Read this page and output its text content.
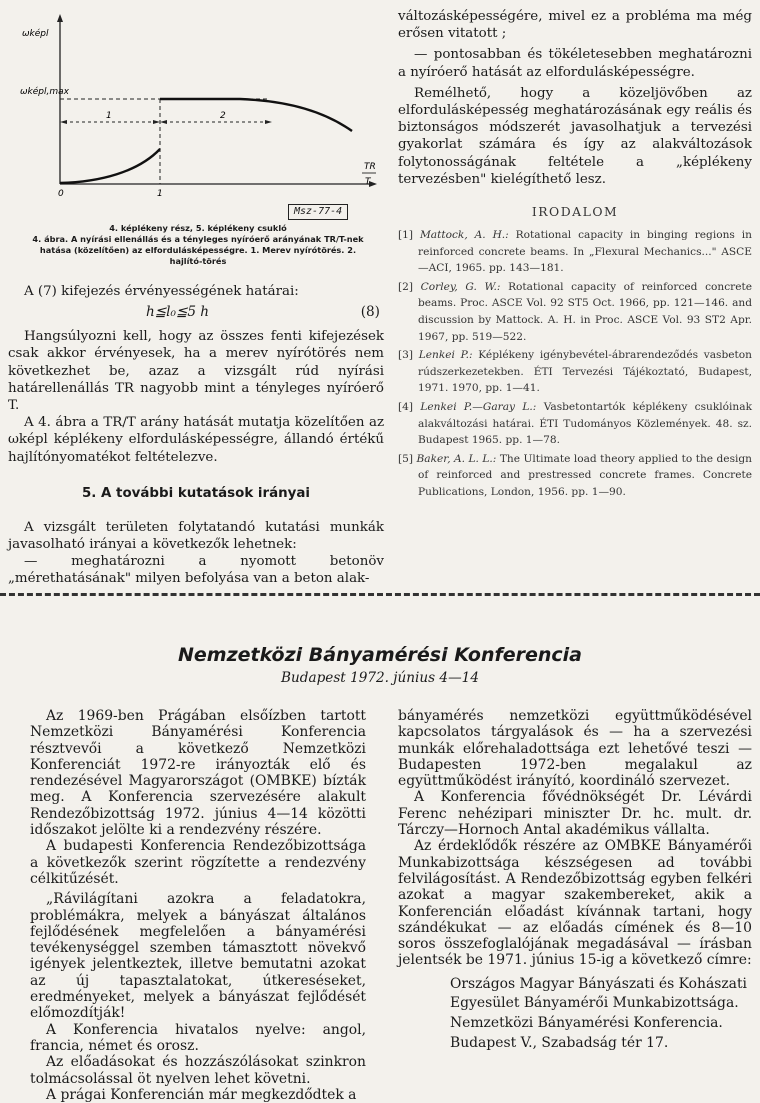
ωképl
ωképl,max
1	2
0	1
TR
T
Msz-77-4
4. képlékeny rész, 5. képlékeny csukló
4. ábra. A nyírási ellenállás és a tényleges nyíróerő arányának TR/T-nek
hatása (közelítően) az elfordulásképességre. 1. Merev nyírótörés. 2.
hajlító-törés

A (7) kifejezés érvényességének határai:

h≦l₀≦5 h	(8)

Hangsúlyozni kell, hogy az összes fenti kifejezések csak akkor érvényesek, ha a merev nyírótörés nem következhet be, azaz a vizsgált rúd nyírási határellenállás TR nagyobb mint a tényleges nyíróerő T.

A 4. ábra a TR/T arány hatását mutatja közelítően az ωképl képlékeny elfordulásképességre, állandó értékű hajlítónyomatékot feltételezve.

5. A további kutatások irányai

A vizsgált területen folytatandó kutatási munkák javasolható irányai a következők lehetnek:

— meghatározni a nyomott betonöv „mérethatásának" milyen befolyása van a beton alak-

változásképességére, mivel ez a probléma ma még erősen vitatott ;

— pontosabban és tökéletesebben meghatározni a nyíróerő hatását az elfordulásképességre.

Remélhető, hogy a közeljövőben az elfordulásképesség meghatározásának egy reális és biztonságos módszerét javasolhatjuk a tervezési gyakorlat számára és így az alakváltozások folytonosságának feltétele a „képlékeny tervezésben" kielégíthető lesz.

IRODALOM

[1] Mattock, A. H.: Rotational capacity in binging regions in reinforced concrete beams. In „Flexural Mechanics..." ASCE—ACI, 1965. pp. 143—181.

[2] Corley, G. W.: Rotational capacity of reinforced concrete beams. Proc. ASCE Vol. 92 ST5 Oct. 1966, pp. 121—146. and discussion by Mattock. A. H. in Proc. ASCE Vol. 93 ST2 Apr. 1967, pp. 519—522.

[3] Lenkei P.: Képlékeny igénybevétel-ábrarendeződés vasbeton rúdszerkezetekben. ÉTI Tervezési Tájékoztató, Budapest, 1971. 1970, pp. 1—41.

[4] Lenkei P.—Garay L.: Vasbetontartók képlékeny csuklóinak alakváltozási határai. ÉTI Tudományos Közlemények. 48. sz. Budapest 1965. pp. 1—78.

[5] Baker, A. L. L.: The Ultimate load theory applied to the design of reinforced and prestressed concrete frames. Concrete Publications, London, 1956. pp. 1—90.

Nemzetközi Bányamérési Konferencia
Budapest 1972. június 4—14

Az 1969-ben Prágában elsőízben tartott Nemzetközi Bányamérési Konferencia résztvevői a következő Nemzetközi Konferenciát 1972-re irányozták elő és rendezésével Magyarországot (OMBKE) bízták meg. A Konferencia szervezésére alakult Rendezőbizottság 1972. június 4—14 közötti időszakot jelölte ki a rendezvény részére.

A budapesti Konferencia Rendezőbizottsága a következők szerint rögzítette a rendezvény célkitűzését.

„Rávilágítani azokra a feladatokra, problémákra, melyek a bányászat általános fejlődésének megfelelően a bányamérési tevékenységgel szemben támasztott növekvő igények jelentkeztek, illetve bemutatni azokat az új tapasztalatokat, útkereséseket, eredményeket, melyek a bányászat fejlődését előmozdítják!

A Konferencia hivatalos nyelve: angol, francia, német és orosz.

Az előadásokat és hozzászólásokat szinkron tolmácsolással öt nyelven lehet követni.

A prágai Konferencián már megkezdődtek a

bányamérés nemzetközi együttműködésével kapcsolatos tárgyalások és — ha a szervezési munkák előrehaladottsága ezt lehetővé teszi — Budapesten 1972-ben megalakul az együttműködést irányító, koordináló szervezet.

A Konferencia fővédnökségét Dr. Lévárdi Ferenc nehézipari miniszter Dr. hc. mult. dr. Tárczy—Hornoch Antal akadémikus vállalta.

Az érdeklődők részére az OMBKE Bányamérői Munkabizottsága készségesen ad további felvilágosítást. A Rendezőbizottság egyben felkéri azokat a magyar szakembereket, akik a Konferencián előadást kívánnak tartani, hogy szándékukat — az előadás címének és 8—10 soros összefoglalójának megadásával — írásban jelentsék be 1971. június 15-ig a következő címre:

Országos Magyar Bányászati és Kohászati

Egyesület Bányamérői Munkabizottsága.

Nemzetközi Bányamérési Konferencia.

Budapest V., Szabadság tér 17.
